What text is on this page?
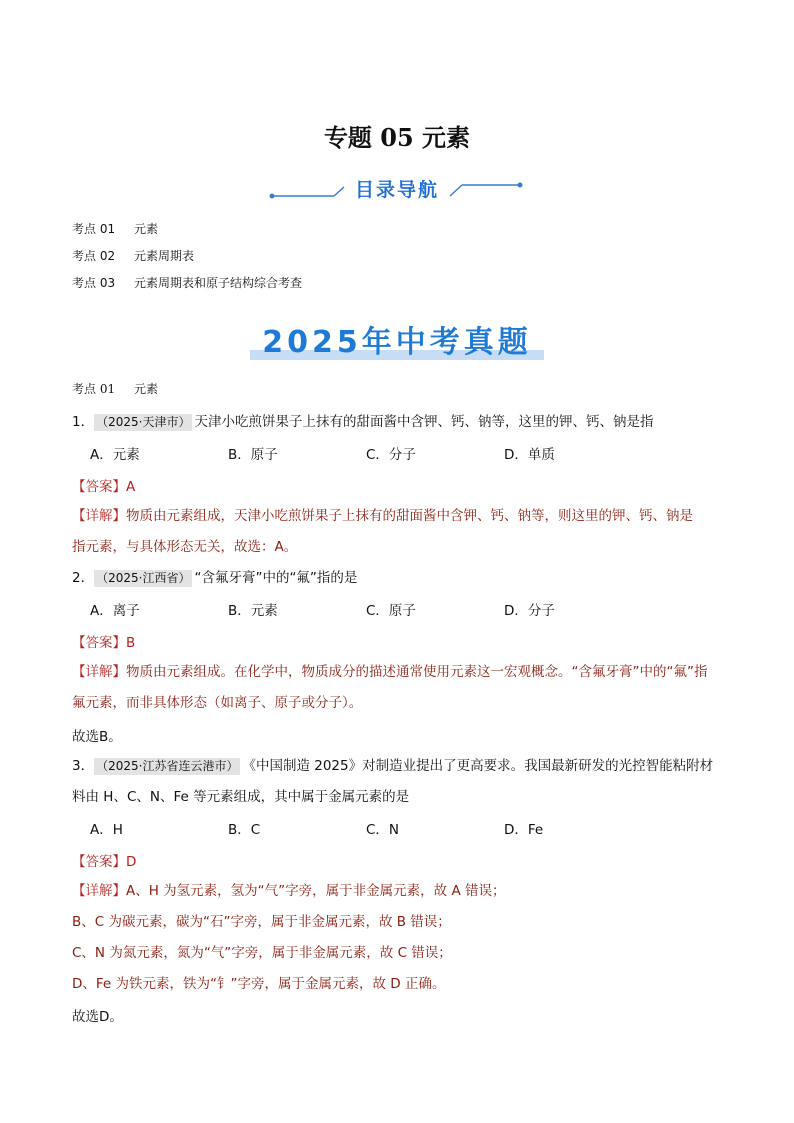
专题 05 元素
目录导航
考点 01	元素
考点 02	元素周期表
考点 03	元素周期表和原子结构综合考查
2025年中考真题
考点 01	元素
1． （2025·天津市） 天津小吃煎饼果子上抹有的甜面酱中含钾、钙、钠等，这里的钾、钙、钠是指
A．元素	B．原子	C．分子	D．单质
【答案】A
【详解】物质由元素组成，天津小吃煎饼果子上抹有的甜面酱中含钾、钙、钠等，则这里的钾、钙、钠是
指元素，与具体形态无关，故选：A。
2． （2025·江西省） “含氟牙膏”中的“氟”指的是
A．离子	B．元素	C．原子	D．分子
【答案】B
【详解】物质由元素组成。在化学中，物质成分的描述通常使用元素这一宏观概念。“含氟牙膏”中的“氟”指
氟元素，而非具体形态（如离子、原子或分子）。
故选B。
3． （2025·江苏省连云港市） 《中国制造 2025》对制造业提出了更高要求。我国最新研发的光控智能粘附材
料由 H、C、N、Fe 等元素组成，其中属于金属元素的是
A．H	B．C	C．N	D．Fe
【答案】D
【详解】A、H 为氢元素，氢为“气”字旁，属于非金属元素，故 A 错误；
B、C 为碳元素，碳为“石”字旁，属于非金属元素，故 B 错误；
C、N 为氮元素，氮为“气”字旁，属于非金属元素，故 C 错误；
D、Fe 为铁元素，铁为“钅”字旁，属于金属元素，故 D 正确。
故选D。
